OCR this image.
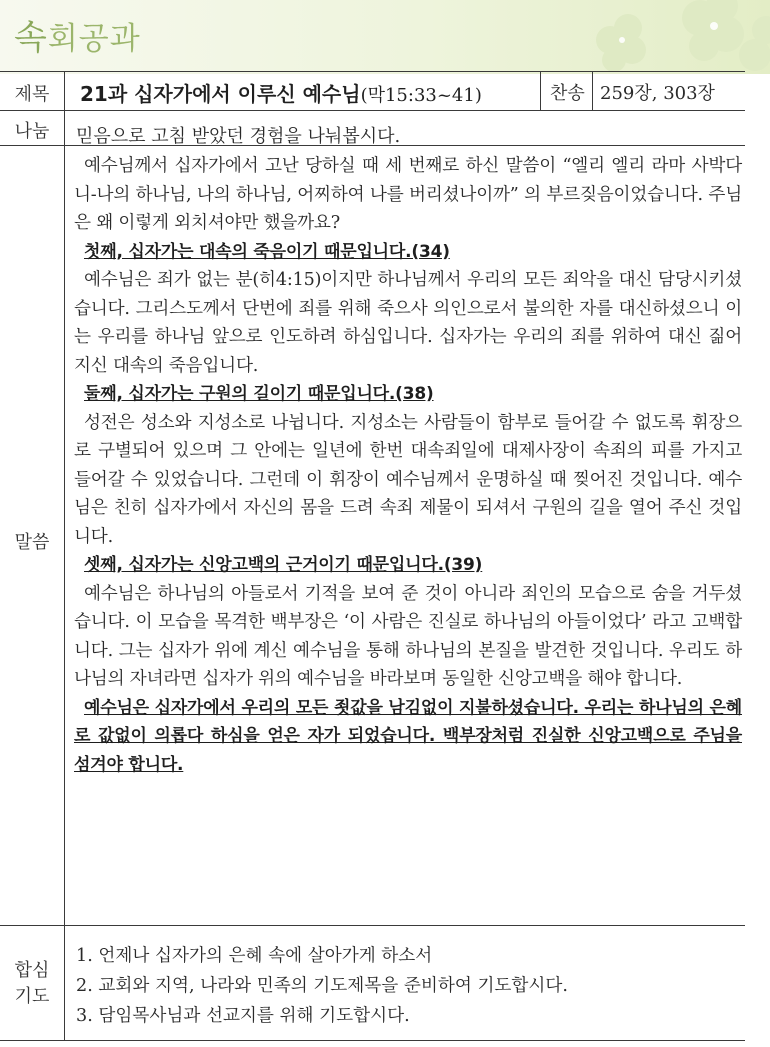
속회공과
제목
나눔
말씀
합심
기도
21과 십자가에서 이루신 예수님(막15:33~41)	찬송 259장, 303장
믿음으로 고침 받았던 경험을 나눠봅시다.

예수님께서 십자가에서 고난 당하실 때 세 번째로 하신 말씀이 “엘리 엘리 라마 사박다니-나의 하나님, 나의 하나님, 어찌하여 나를 버리셨나이까” 의 부르짖음이었습니다. 주님은 왜 이렇게 외치셔야만 했을까요?

첫째, 십자가는 대속의 죽음이기 때문입니다.(34)

예수님은 죄가 없는 분(히4:15)이지만 하나님께서 우리의 모든 죄악을 대신 담당시키셨습니다. 그리스도께서 단번에 죄를 위해 죽으사 의인으로서 불의한 자를 대신하셨으니 이는 우리를 하나님 앞으로 인도하려 하심입니다. 십자가는 우리의 죄를 위하여 대신 짊어지신 대속의 죽음입니다.

둘째, 십자가는 구원의 길이기 때문입니다.(38)

성전은 성소와 지성소로 나뉩니다. 지성소는 사람들이 함부로 들어갈 수 없도록 휘장으로 구별되어 있으며 그 안에는 일년에 한번 대속죄일에 대제사장이 속죄의 피를 가지고 들어갈 수 있었습니다. 그런데 이 휘장이 예수님께서 운명하실 때 찢어진 것입니다. 예수님은 친히 십자가에서 자신의 몸을 드려 속죄 제물이 되셔서 구원의 길을 열어 주신 것입니다.

셋째, 십자가는 신앙고백의 근거이기 때문입니다.(39)

예수님은 하나님의 아들로서 기적을 보여 준 것이 아니라 죄인의 모습으로 숨을 거두셨습니다. 이 모습을 목격한 백부장은 ‘이 사람은 진실로 하나님의 아들이었다’ 라고 고백합니다. 그는 십자가 위에 계신 예수님을 통해 하나님의 본질을 발견한 것입니다. 우리도 하나님의 자녀라면 십자가 위의 예수님을 바라보며 동일한 신앙고백을 해야 합니다.

예수님은 십자가에서 우리의 모든 죗값을 남김없이 지불하셨습니다. 우리는 하나님의 은혜로 값없이 의롭다 하심을 얻은 자가 되었습니다. 백부장처럼 진실한 신앙고백으로 주님을 섬겨야 합니다.

1. 언제나 십자가의 은혜 속에 살아가게 하소서
2. 교회와 지역, 나라와 민족의 기도제목을 준비하여 기도합시다.
3. 담임목사님과 선교지를 위해 기도합시다.
